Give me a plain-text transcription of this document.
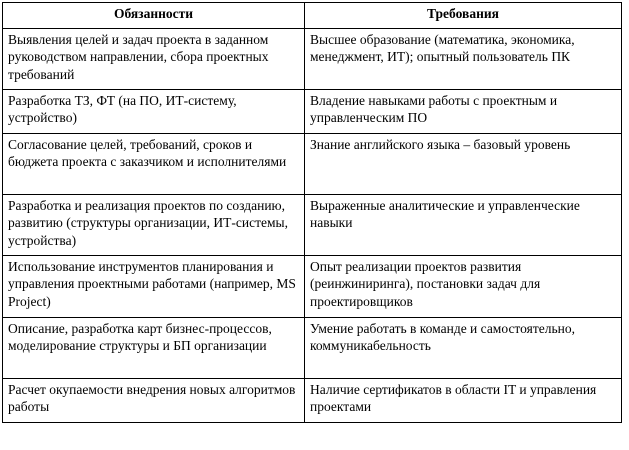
Обязанности	Требования
Выявления целей и задач проекта в заданном руководством направлении, сбора проектных требований	Высшее образование (математика, экономика, менеджмент, ИТ); опытный пользователь ПК
Разработка ТЗ, ФТ (на ПО, ИТ-систему, устройство)	Владение навыками работы с проектным и управленческим ПО
Согласование целей, требований, сроков и бюджета проекта с заказчиком и исполнителями	Знание английского языка – базовый уровень
Разработка и реализация проектов по созданию, развитию (структуры организации, ИТ-системы, устройства)	Выраженные аналитические и управленческие навыки
Использование инструментов планирования и управления проектными работами (например, MS Project)	Опыт реализации проектов развития (реинжиниринга), постановки задач для проектировщиков
Описание, разработка карт бизнес-процессов, моделирование структуры и БП организации	Умение работать в команде и самостоятельно, коммуникабельность
Расчет окупаемости внедрения новых алгоритмов работы	Наличие сертификатов в области IT и управления проектами
